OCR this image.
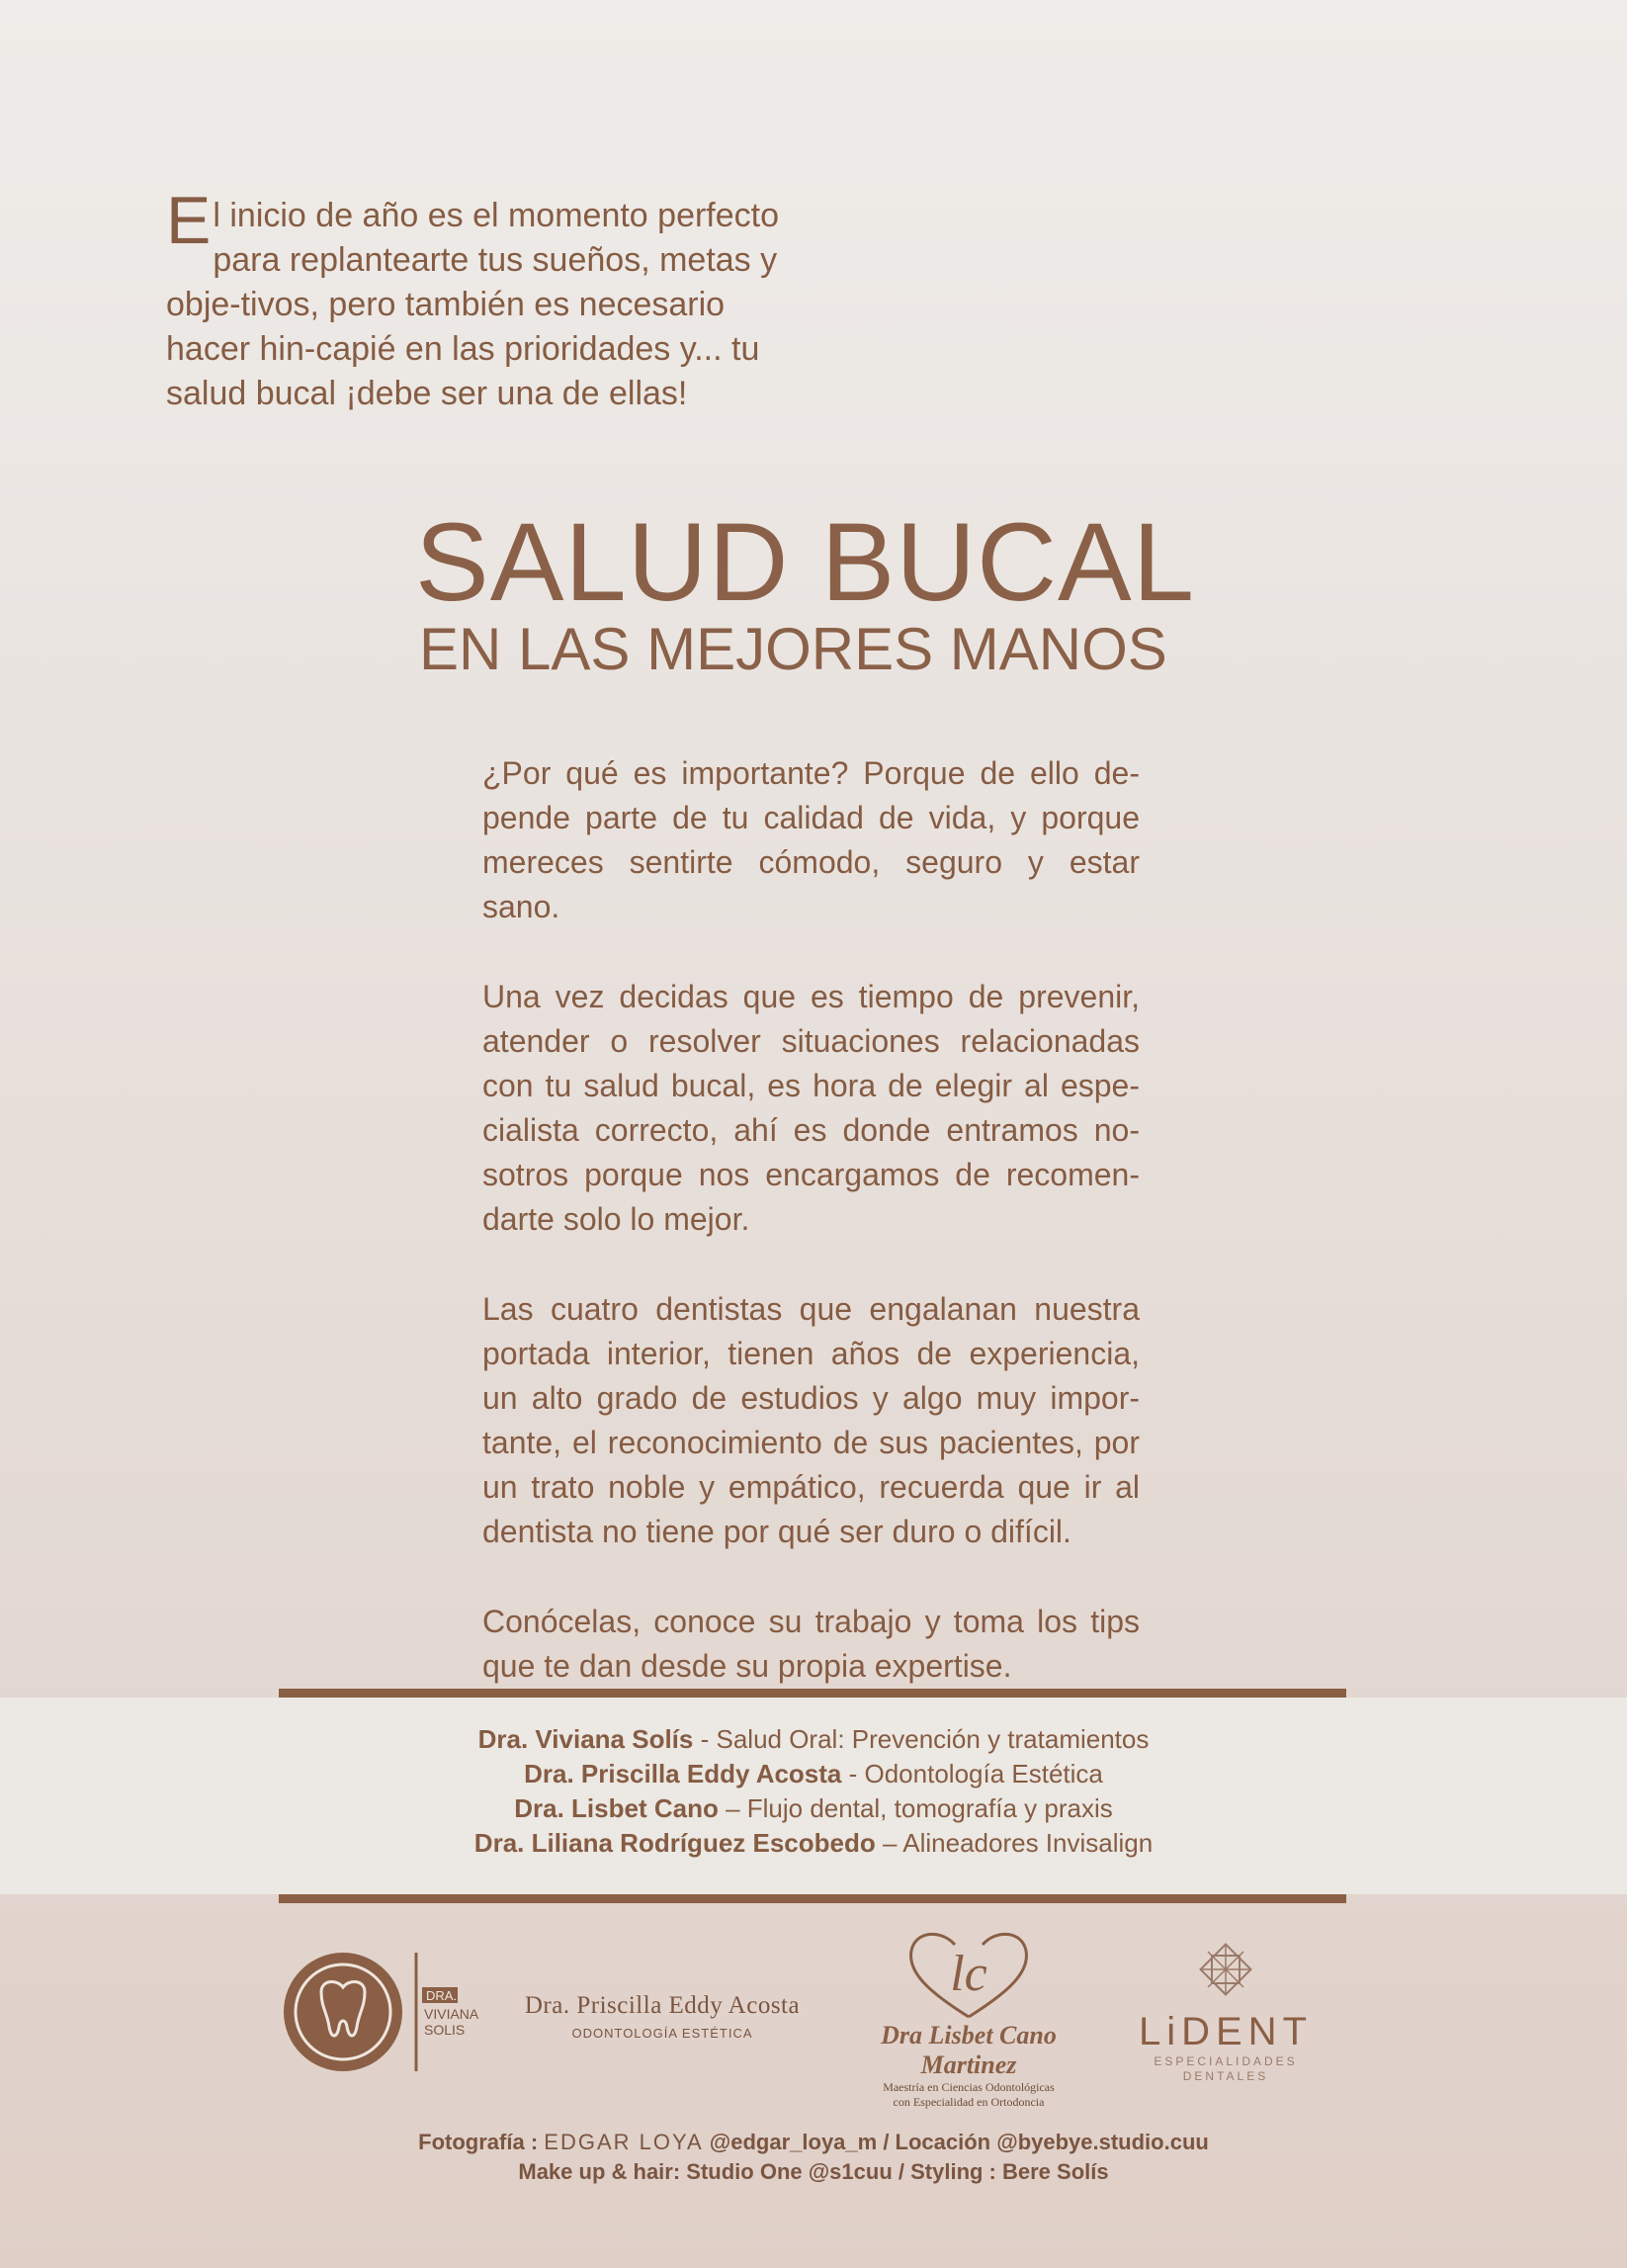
El inicio de año es el momento perfecto para replantearte tus sueños, metas y obje-tivos, pero también es necesario hacer hin-capié en las prioridades y... tu salud bucal ¡debe ser una de ellas!
SALUD BUCAL
EN LAS MEJORES MANOS

¿Por qué es importante? Porque de ello de-pende parte de tu calidad de vida, y porque mereces sentirte cómodo, seguro y estar sano.

Una vez decidas que es tiempo de prevenir, atender o resolver situaciones relacionadas con tu salud bucal, es hora de elegir al espe-cialista correcto, ahí es donde entramos no-sotros porque nos encargamos de recomen-darte solo lo mejor.

Las cuatro dentistas que engalanan nuestra portada interior, tienen años de experiencia, un alto grado de estudios y algo muy impor-tante, el reconocimiento de sus pacientes, por un trato noble y empático, recuerda que ir al dentista no tiene por qué ser duro o difícil.

Conócelas, conoce su trabajo y toma los tips que te dan desde su propia expertise.

Dra. Viviana Solís - Salud Oral: Prevención y tratamientos
Dra. Priscilla Eddy Acosta - Odontología Estética
Dra. Lisbet Cano – Flujo dental, tomografía y praxis
Dra. Liliana Rodríguez Escobedo – Alineadores Invisalign
DRA.
VIVIANA
SOLIS
Dra. Priscilla Eddy Acosta
ODONTOLOGÍA ESTÉTICA
lc
Dra Lisbet Cano Martinez
Maestría en Ciencias Odontológicas
con Especialidad en Ortodoncia
LiDENT
ESPECIALIDADES
DENTALES
Fotografía : EDGAR LOYA @edgar_loya_m / Locación @byebye.studio.cuu
Make up & hair: Studio One @s1cuu / Styling : Bere Solís
